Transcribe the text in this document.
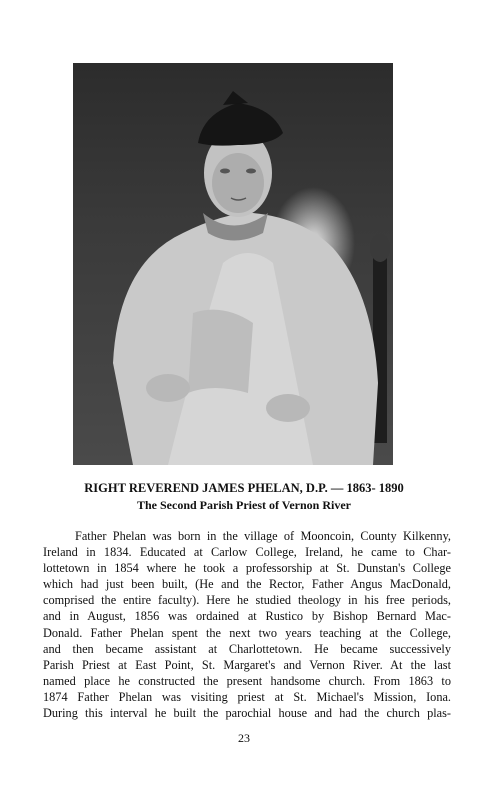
RIGHT REVEREND JAMES PHELAN, D.P. — 1863- 1890
The Second Parish Priest of Vernon River
Father Phelan was born in the village of Mooncoin, County Kilkenny,
Ireland in 1834. Educated at Carlow College, Ireland, he came to Char-
lottetown in 1854 where he took a professorship at St. Dunstan's College
which had just been built, (He and the Rector, Father Angus MacDonald,
comprised the entire faculty). Here he studied theology in his free periods,
and in August, 1856 was ordained at Rustico by Bishop Bernard Mac-
Donald. Father Phelan spent the next two years teaching at the College,
and then became assistant at Charlottetown. He became successively
Parish Priest at East Point, St. Margaret's and Vernon River. At the last
named place he constructed the present handsome church. From 1863 to
1874 Father Phelan was visiting priest at St. Michael's Mission, Iona.
During this interval he built the parochial house and had the church plas-
23
